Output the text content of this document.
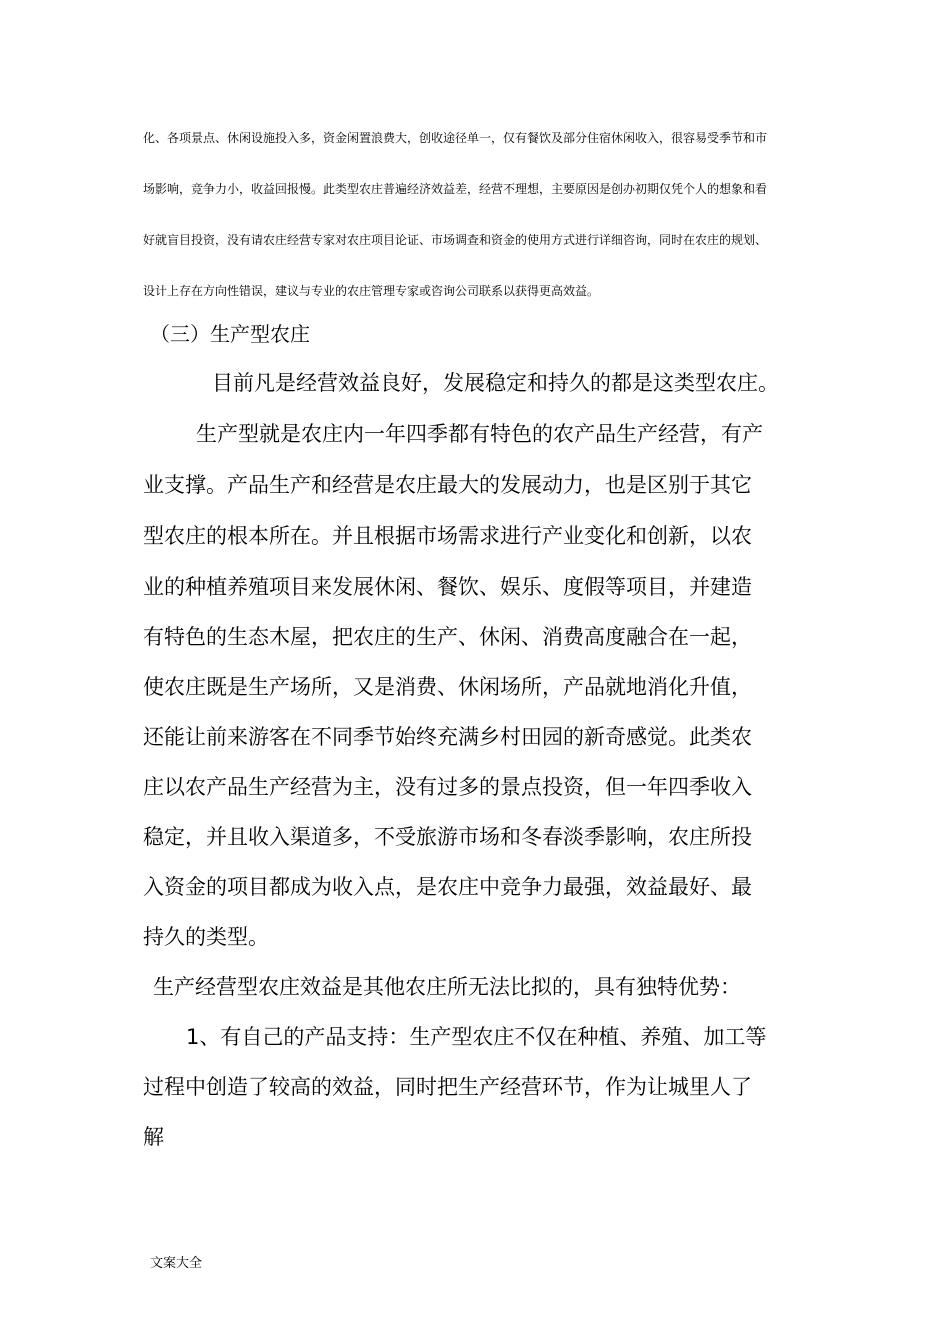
化、各项景点、休闲设施投入多，资金闲置浪费大，创收途径单一，仅有餐饮及部分住宿休闲收入，很容易受季节和市
场影响，竞争力小，收益回报慢。此类型农庄普遍经济效益差，经营不理想，主要原因是创办初期仅凭个人的想象和看
好就盲目投资，没有请农庄经营专家对农庄项目论证、市场调查和资金的使用方式进行详细咨询，同时在农庄的规划、
设计上存在方向性错误，建议与专业的农庄管理专家或咨询公司联系以获得更高效益。
（三）生产型农庄
目前凡是经营效益良好，发展稳定和持久的都是这类型农庄。
生产型就是农庄内一年四季都有特色的农产品生产经营，有产
业支撑。产品生产和经营是农庄最大的发展动力，也是区别于其它
型农庄的根本所在。并且根据市场需求进行产业变化和创新，以农
业的种植养殖项目来发展休闲、餐饮、娱乐、度假等项目，并建造
有特色的生态木屋，把农庄的生产、休闲、消费高度融合在一起，
使农庄既是生产场所，又是消费、休闲场所，产品就地消化升值，
还能让前来游客在不同季节始终充满乡村田园的新奇感觉。此类农
庄以农产品生产经营为主，没有过多的景点投资，但一年四季收入
稳定，并且收入渠道多，不受旅游市场和冬春淡季影响，农庄所投
入资金的项目都成为收入点，是农庄中竞争力最强，效益最好、最
持久的类型。
生产经营型农庄效益是其他农庄所无法比拟的，具有独特优势：
1、有自己的产品支持：生产型农庄不仅在种植、养殖、加工等
过程中创造了较高的效益，同时把生产经营环节，作为让城里人了
解
文案大全
